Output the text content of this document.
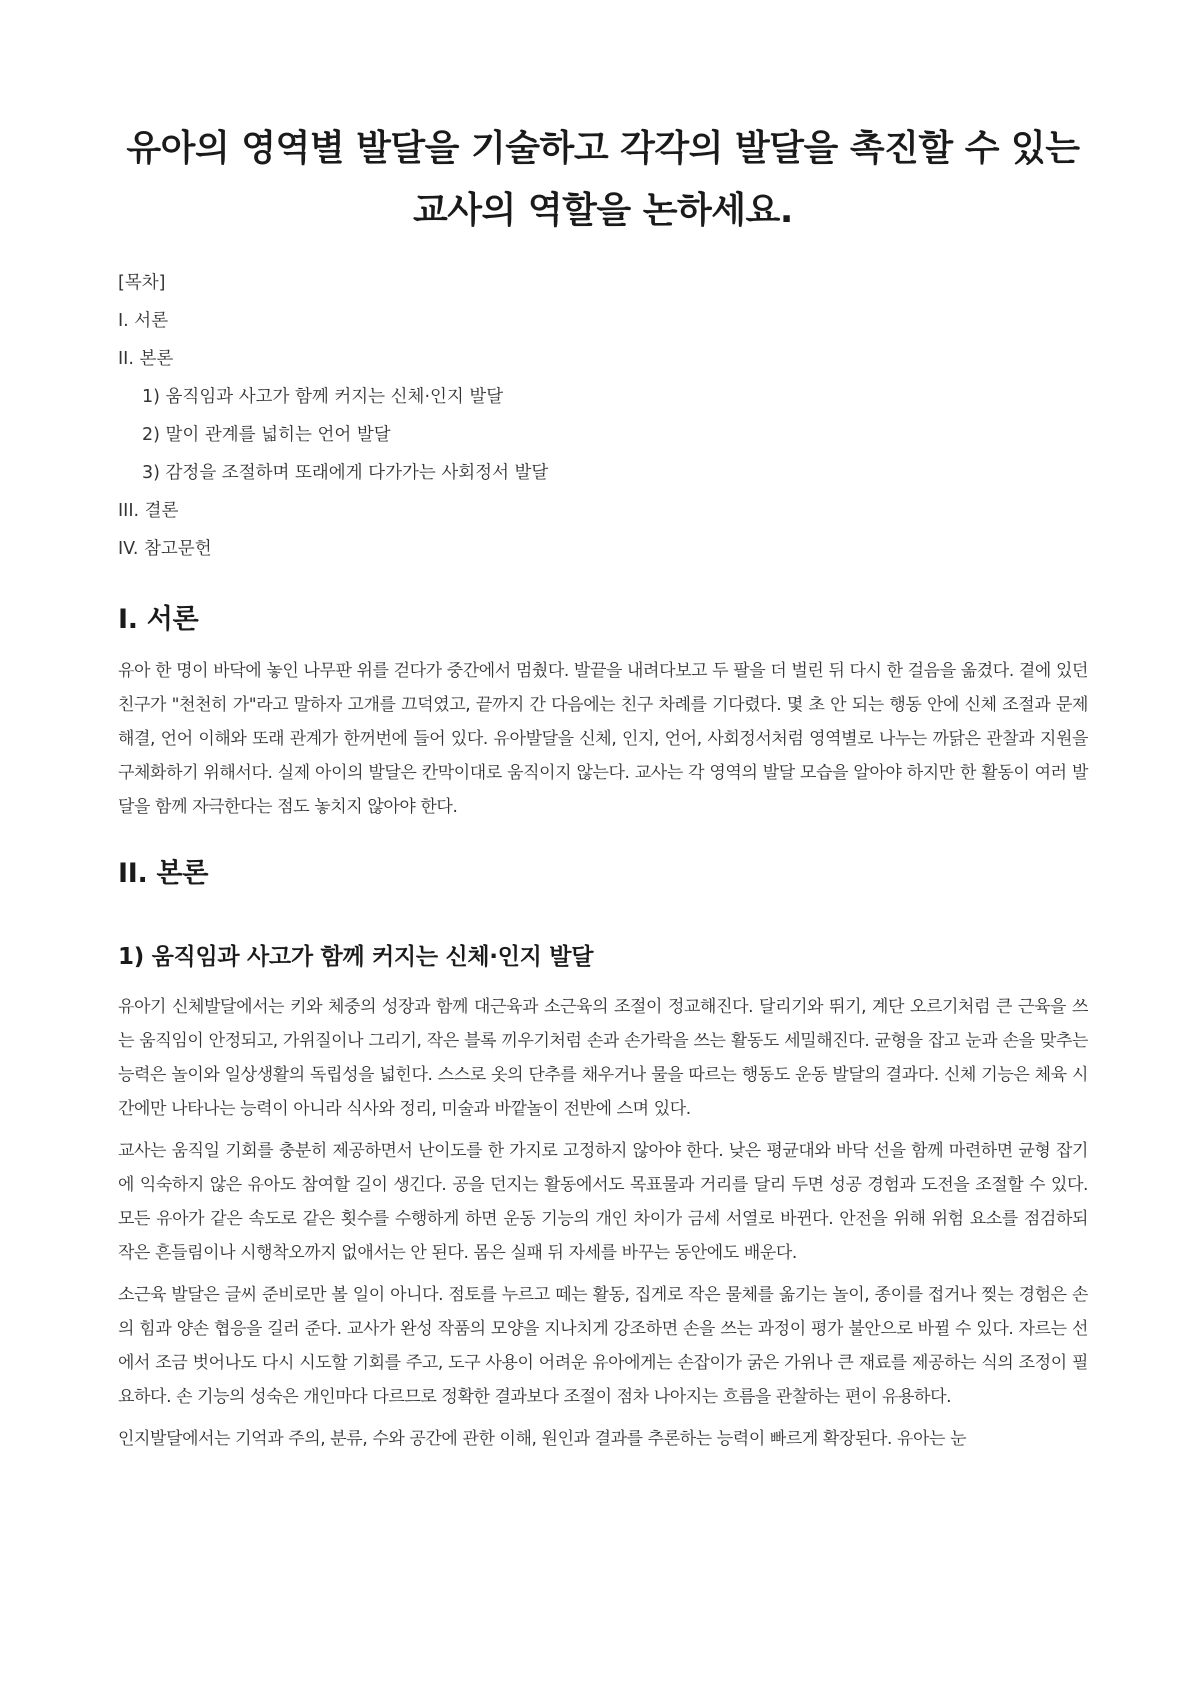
유아의 영역별 발달을 기술하고 각각의 발달을 촉진할 수 있는 교사의 역할을 논하세요.
[목차]
I. 서론
II. 본론
1) 움직임과 사고가 함께 커지는 신체·인지 발달
2) 말이 관계를 넓히는 언어 발달
3) 감정을 조절하며 또래에게 다가가는 사회정서 발달
III. 결론
IV. 참고문헌
I. 서론

유아 한 명이 바닥에 놓인 나무판 위를 걷다가 중간에서 멈췄다. 발끝을 내려다보고 두 팔을 더 벌린 뒤 다시 한 걸음을 옮겼다. 곁에 있던 친구가 "천천히 가"라고 말하자 고개를 끄덕였고, 끝까지 간 다음에는 친구 차례를 기다렸다. 몇 초 안 되는 행동 안에 신체 조절과 문제 해결, 언어 이해와 또래 관계가 한꺼번에 들어 있다. 유아발달을 신체, 인지, 언어, 사회정서처럼 영역별로 나누는 까닭은 관찰과 지원을 구체화하기 위해서다. 실제 아이의 발달은 칸막이대로 움직이지 않는다. 교사는 각 영역의 발달 모습을 알아야 하지만 한 활동이 여러 발달을 함께 자극한다는 점도 놓치지 않아야 한다.

II. 본론
1) 움직임과 사고가 함께 커지는 신체·인지 발달

유아기 신체발달에서는 키와 체중의 성장과 함께 대근육과 소근육의 조절이 정교해진다. 달리기와 뛰기, 계단 오르기처럼 큰 근육을 쓰는 움직임이 안정되고, 가위질이나 그리기, 작은 블록 끼우기처럼 손과 손가락을 쓰는 활동도 세밀해진다. 균형을 잡고 눈과 손을 맞추는 능력은 놀이와 일상생활의 독립성을 넓힌다. 스스로 옷의 단추를 채우거나 물을 따르는 행동도 운동 발달의 결과다. 신체 기능은 체육 시간에만 나타나는 능력이 아니라 식사와 정리, 미술과 바깥놀이 전반에 스며 있다.

교사는 움직일 기회를 충분히 제공하면서 난이도를 한 가지로 고정하지 않아야 한다. 낮은 평균대와 바닥 선을 함께 마련하면 균형 잡기에 익숙하지 않은 유아도 참여할 길이 생긴다. 공을 던지는 활동에서도 목표물과 거리를 달리 두면 성공 경험과 도전을 조절할 수 있다. 모든 유아가 같은 속도로 같은 횟수를 수행하게 하면 운동 기능의 개인 차이가 금세 서열로 바뀐다. 안전을 위해 위험 요소를 점검하되 작은 흔들림이나 시행착오까지 없애서는 안 된다. 몸은 실패 뒤 자세를 바꾸는 동안에도 배운다.

소근육 발달은 글씨 준비로만 볼 일이 아니다. 점토를 누르고 떼는 활동, 집게로 작은 물체를 옮기는 놀이, 종이를 접거나 찢는 경험은 손의 힘과 양손 협응을 길러 준다. 교사가 완성 작품의 모양을 지나치게 강조하면 손을 쓰는 과정이 평가 불안으로 바뀔 수 있다. 자르는 선에서 조금 벗어나도 다시 시도할 기회를 주고, 도구 사용이 어려운 유아에게는 손잡이가 굵은 가위나 큰 재료를 제공하는 식의 조정이 필요하다. 손 기능의 성숙은 개인마다 다르므로 정확한 결과보다 조절이 점차 나아지는 흐름을 관찰하는 편이 유용하다.

인지발달에서는 기억과 주의, 분류, 수와 공간에 관한 이해, 원인과 결과를 추론하는 능력이 빠르게 확장된다. 유아는 눈
